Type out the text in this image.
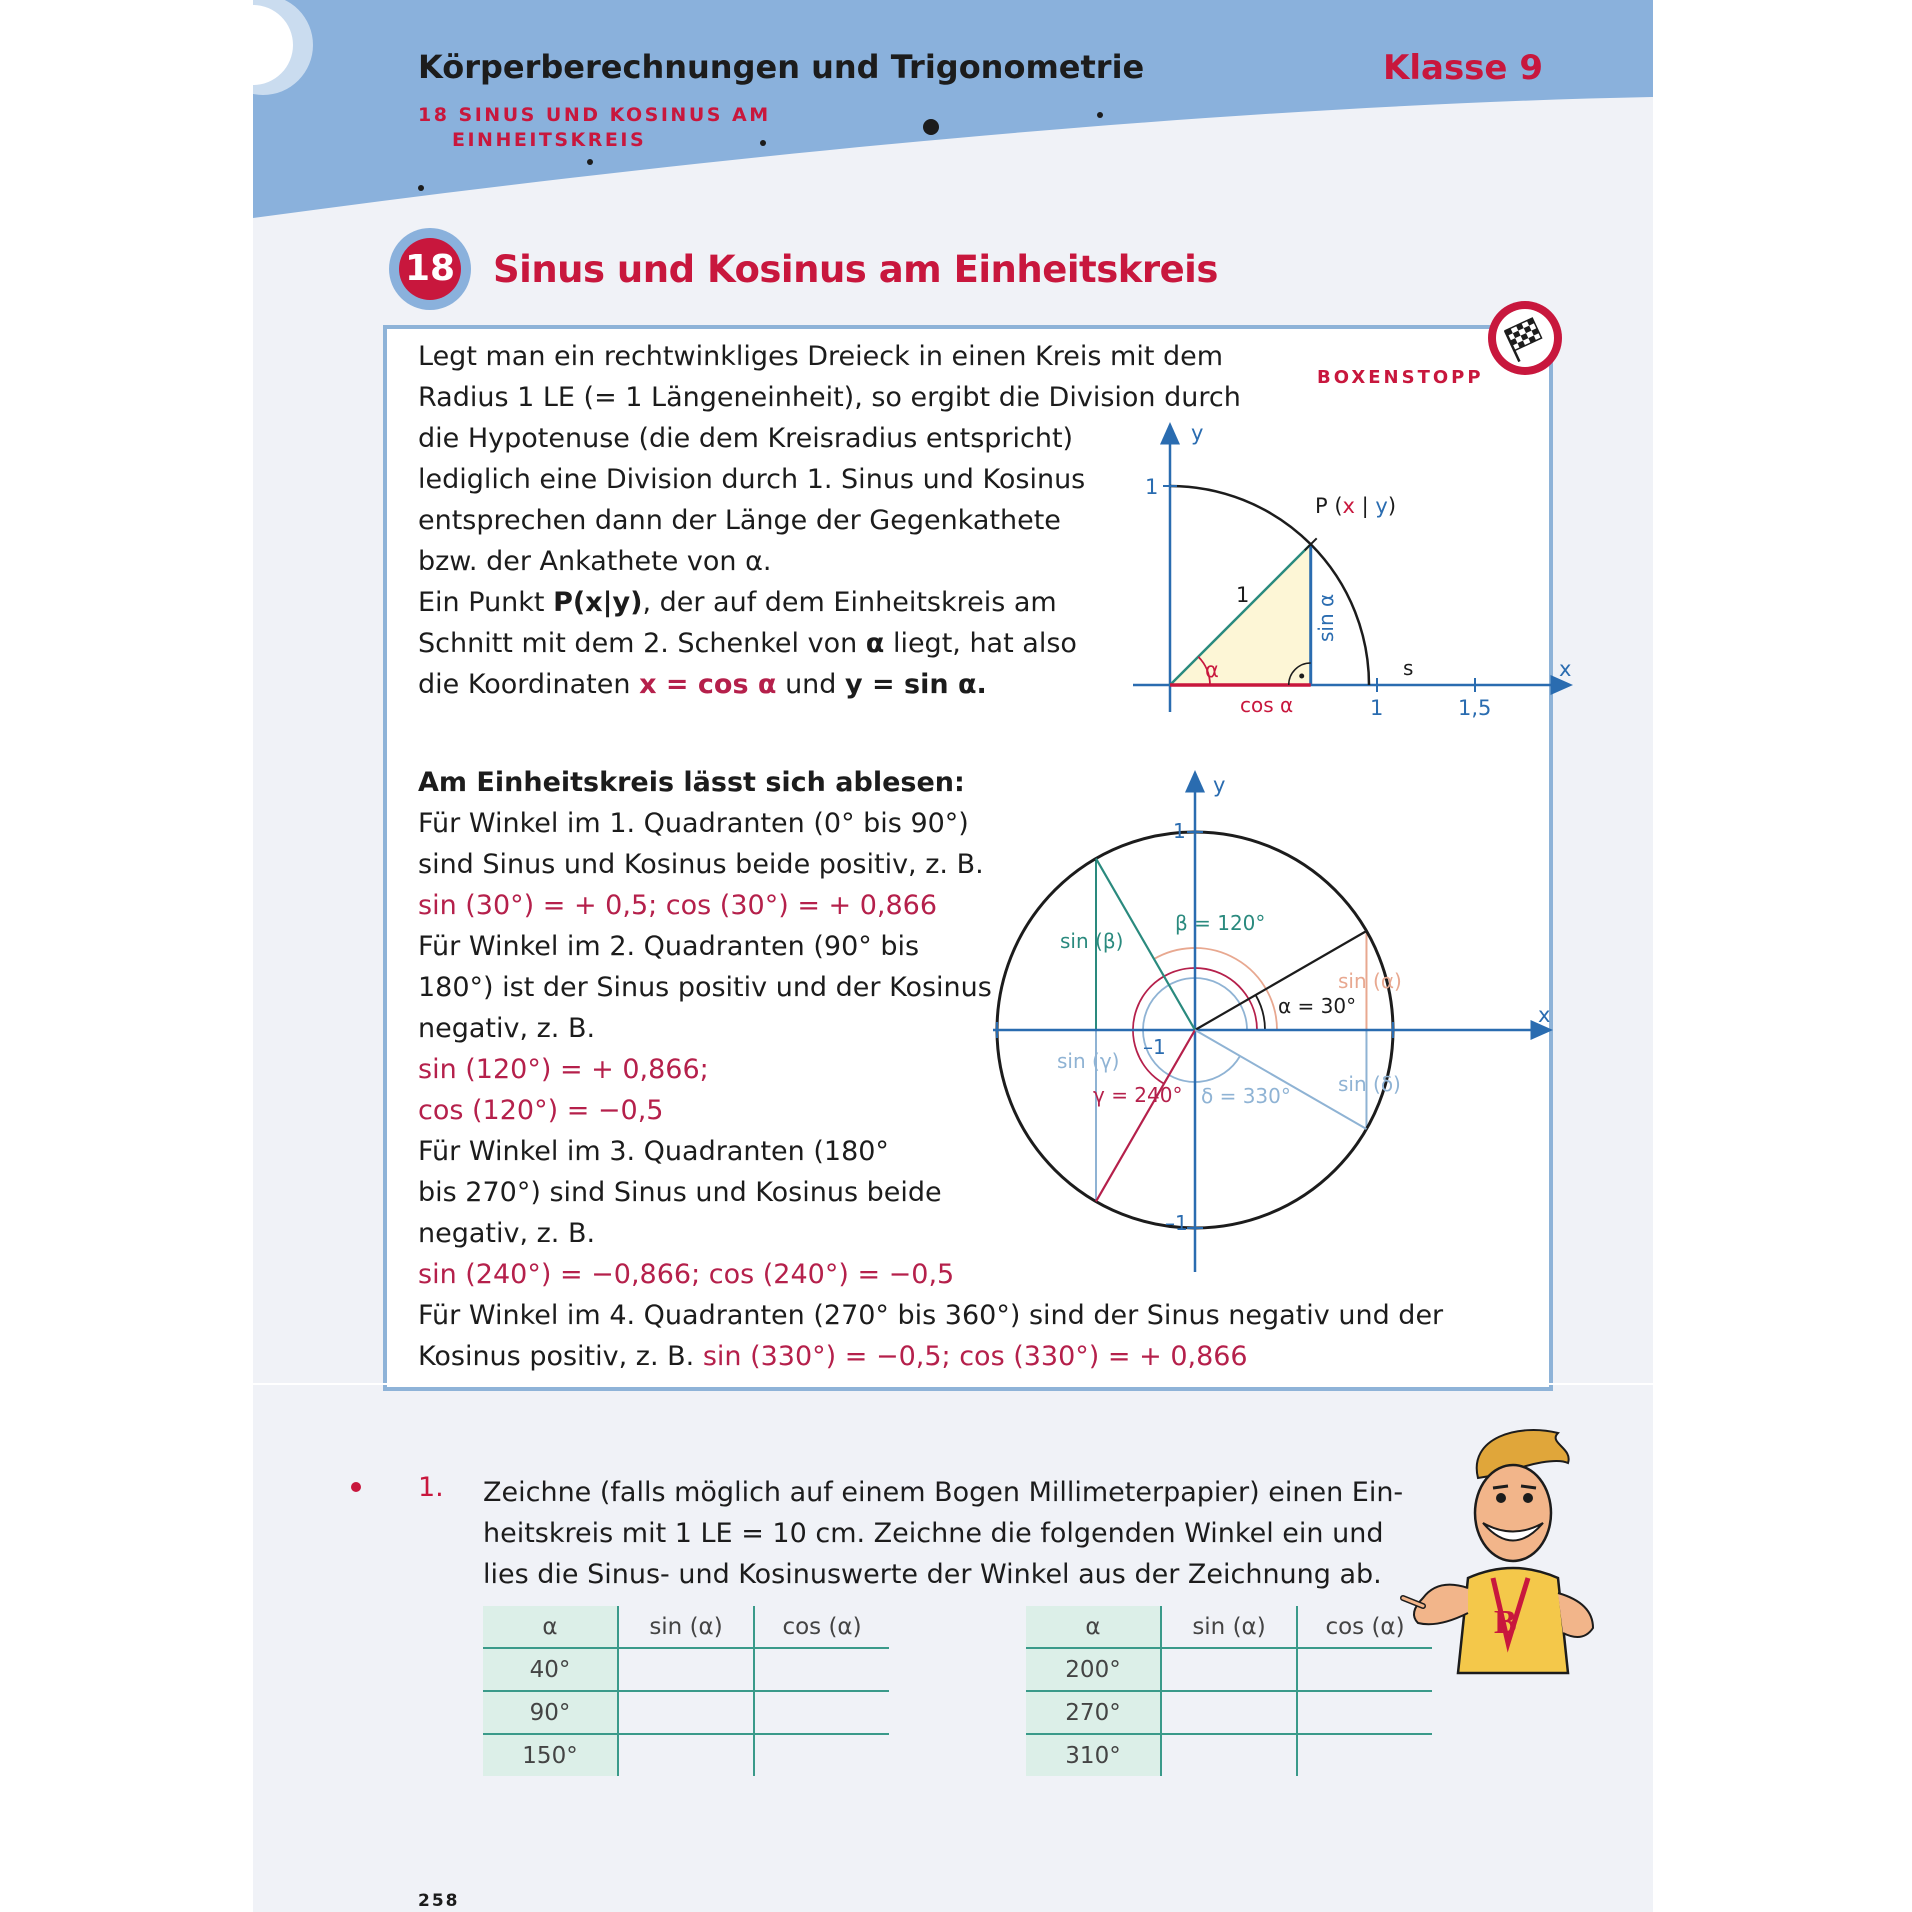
Körperberechnungen und Trigonometrie	Klasse 9
18 SINUS UND KOSINUS AM
EINHEITSKREIS
18 Sinus und Kosinus am Einheitskreis
BOXENSTOPP
Legt man ein rechtwinkliges Dreieck in einen Kreis mit dem
Radius 1 LE (= 1 Längeneinheit), so ergibt die Division durch
die Hypotenuse (die dem Kreisradius entspricht)
lediglich eine Division durch 1. Sinus und Kosinus
entsprechen dann der Länge der Gegenkathete
bzw. der Ankathete von α.
Ein Punkt P(x|y), der auf dem Einheitskreis am
Schnitt mit dem 2. Schenkel von α liegt, hat also
die Koordinaten x = cos α und y = sin α.
y
x
1
1	1,5
P (x | y)
1
α
sin α
cos α
s
Am Einheitskreis lässt sich ablesen:
Für Winkel im 1. Quadranten (0° bis 90°)
sind Sinus und Kosinus beide positiv, z. B.
sin (30°) = + 0,5; cos (30°) = + 0,866
Für Winkel im 2. Quadranten (90° bis
180°) ist der Sinus positiv und der Kosinus
negativ, z. B.
sin (120°) = + 0,866;
cos (120°) = −0,5
Für Winkel im 3. Quadranten (180°
bis 270°) sind Sinus und Kosinus beide
negativ, z. B.
sin (240°) = −0,866; cos (240°) = −0,5
Für Winkel im 4. Quadranten (270° bis 360°) sind der Sinus negativ und der
Kosinus positiv, z. B. sin (330°) = −0,5; cos (330°) = + 0,866
y
x
1
–1
–1
α = 30°
β = 120°
γ = 240° δ = 330°
sin (α)
sin (β)
sin (γ)
sin (δ)
1. Zeichne (falls möglich auf einem Bogen Millimeterpapier) einen Ein-
heitskreis mit 1 LE = 10 cm. Zeichne die folgenden Winkel ein und
lies die Sinus- und Kosinuswerte der Winkel aus der Zeichnung ab.
α	sin (α)	cos (α)
40°		
90°		
150°		
α	sin (α)	cos (α)
200°		
270°		
310°		
B
258
